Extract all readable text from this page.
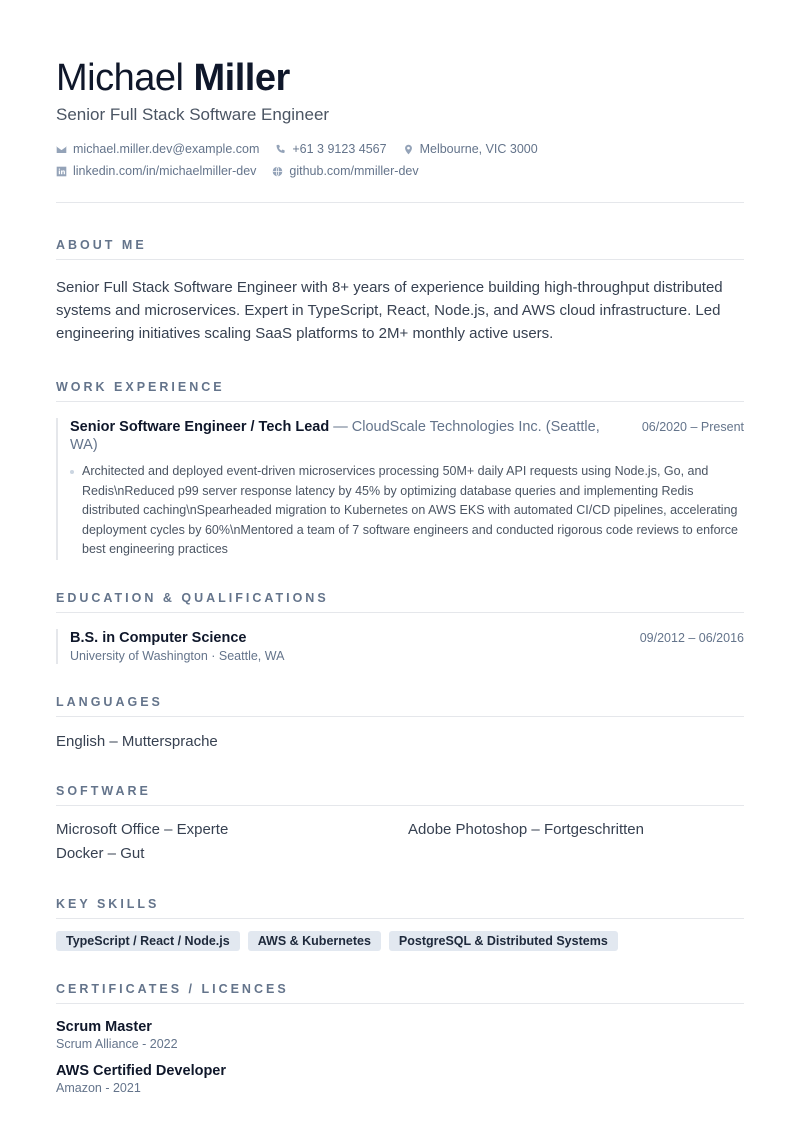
Michael Miller
Senior Full Stack Software Engineer
michael.miller.dev@example.com	+61 3 9123 4567	Melbourne, VIC 3000
linkedin.com/in/michaelmiller-dev	github.com/mmiller-dev
ABOUT ME
Senior Full Stack Software Engineer with 8+ years of experience building high-throughput distributed systems and microservices. Expert in TypeScript, React, Node.js, and AWS cloud infrastructure. Led engineering initiatives scaling SaaS platforms to 2M+ monthly active users.
WORK EXPERIENCE
Senior Software Engineer / Tech Lead — CloudScale Technologies Inc. (Seattle, WA)
06/2020 – Present
Architected and deployed event-driven microservices processing 50M+ daily API requests using Node.js, Go, and Redis\nReduced p99 server response latency by 45% by optimizing database queries and implementing Redis distributed caching\nSpearheaded migration to Kubernetes on AWS EKS with automated CI/CD pipelines, accelerating deployment cycles by 60%\nMentored a team of 7 software engineers and conducted rigorous code reviews to enforce best engineering practices
EDUCATION & QUALIFICATIONS
B.S. in Computer Science	09/2012 – 06/2016
University of Washington · Seattle, WA
LANGUAGES
English – Muttersprache
SOFTWARE
Microsoft Office – Experte	Adobe Photoshop – Fortgeschritten
Docker – Gut
KEY SKILLS
TypeScript / React / Node.js	AWS & Kubernetes	PostgreSQL & Distributed Systems
CERTIFICATES / LICENCES
Scrum Master
Scrum Alliance - 2022
AWS Certified Developer
Amazon - 2021
